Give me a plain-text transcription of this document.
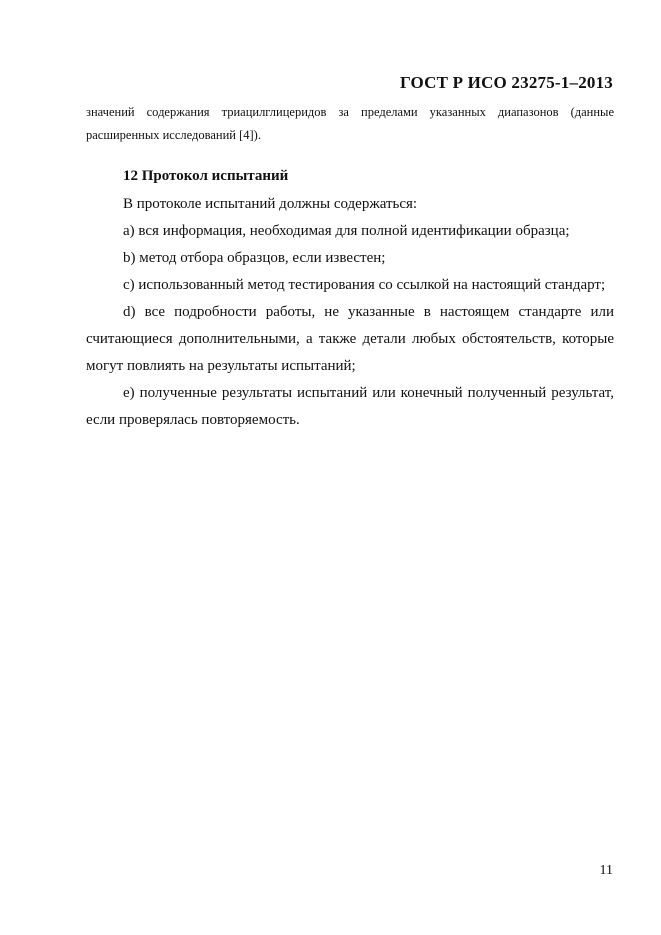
ГОСТ Р ИСО 23275-1–2013
значений содержания триацилглицеридов за пределами указанных диапазонов (данные
расширенных исследований [4]).
12 Протокол испытаний

В протоколе испытаний должны содержаться:

а) вся информация, необходимая для полной идентификации образца;

b) метод отбора образцов, если известен;

c) использованный метод тестирования со ссылкой на настоящий стандарт;

d) все подробности работы, не указанные в настоящем стандарте или считающиеся дополнительными, а также детали любых обстоятельств, которые могут повлиять на результаты испытаний;

e) полученные результаты испытаний или конечный полученный результат, если проверялась повторяемость.

11
